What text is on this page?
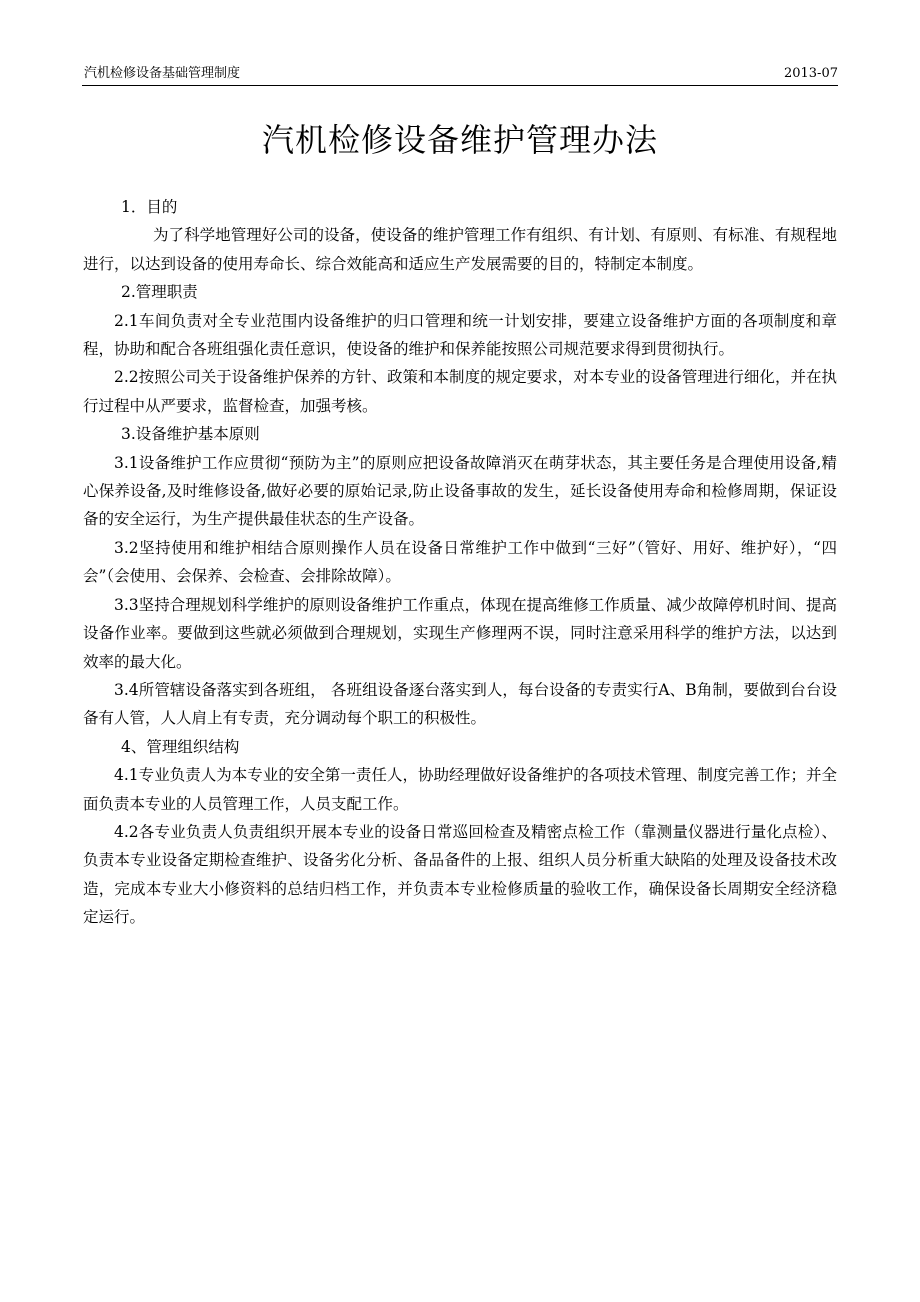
汽机检修设备基础管理制度	2013-07
汽机检修设备维护管理办法

1．目的

为了科学地管理好公司的设备，使设备的维护管理工作有组织、有计划、有原则、有标准、有规程地进行，以达到设备的使用寿命长、综合效能高和适应生产发展需要的目的，特制定本制度。

2.管理职责

2.1车间负责对全专业范围内设备维护的归口管理和统一计划安排，要建立设备维护方面的各项制度和章程，协助和配合各班组强化责任意识，使设备的维护和保养能按照公司规范要求得到贯彻执行。

2.2按照公司关于设备维护保养的方针、政策和本制度的规定要求，对本专业的设备管理进行细化，并在执行过程中从严要求，监督检查，加强考核。

3.设备维护基本原则

3.1设备维护工作应贯彻“预防为主”的原则应把设备故障消灭在萌芽状态，其主要任务是合理使用设备,精心保养设备,及时维修设备,做好必要的原始记录,防止设备事故的发生，延长设备使用寿命和检修周期，保证设备的安全运行，为生产提供最佳状态的生产设备。

3.2坚持使用和维护相结合原则操作人员在设备日常维护工作中做到“三好”（管好、用好、维护好），“四会”（会使用、会保养、会检查、会排除故障）。

3.3坚持合理规划科学维护的原则设备维护工作重点，体现在提高维修工作质量、减少故障停机时间、提高设备作业率。要做到这些就必须做到合理规划，实现生产修理两不误，同时注意采用科学的维护方法，以达到效率的最大化。

3.4所管辖设备落实到各班组， 各班组设备逐台落实到人，每台设备的专责实行A、B角制，要做到台台设备有人管，人人肩上有专责，充分调动每个职工的积极性。

4、管理组织结构

4.1专业负责人为本专业的安全第一责任人，协助经理做好设备维护的各项技术管理、制度完善工作；并全面负责本专业的人员管理工作，人员支配工作。

4.2各专业负责人负责组织开展本专业的设备日常巡回检查及精密点检工作（靠测量仪器进行量化点检）、负责本专业设备定期检查维护、设备劣化分析、备品备件的上报、组织人员分析重大缺陷的处理及设备技术改造，完成本专业大小修资料的总结归档工作，并负责本专业检修质量的验收工作，确保设备长周期安全经济稳定运行。
